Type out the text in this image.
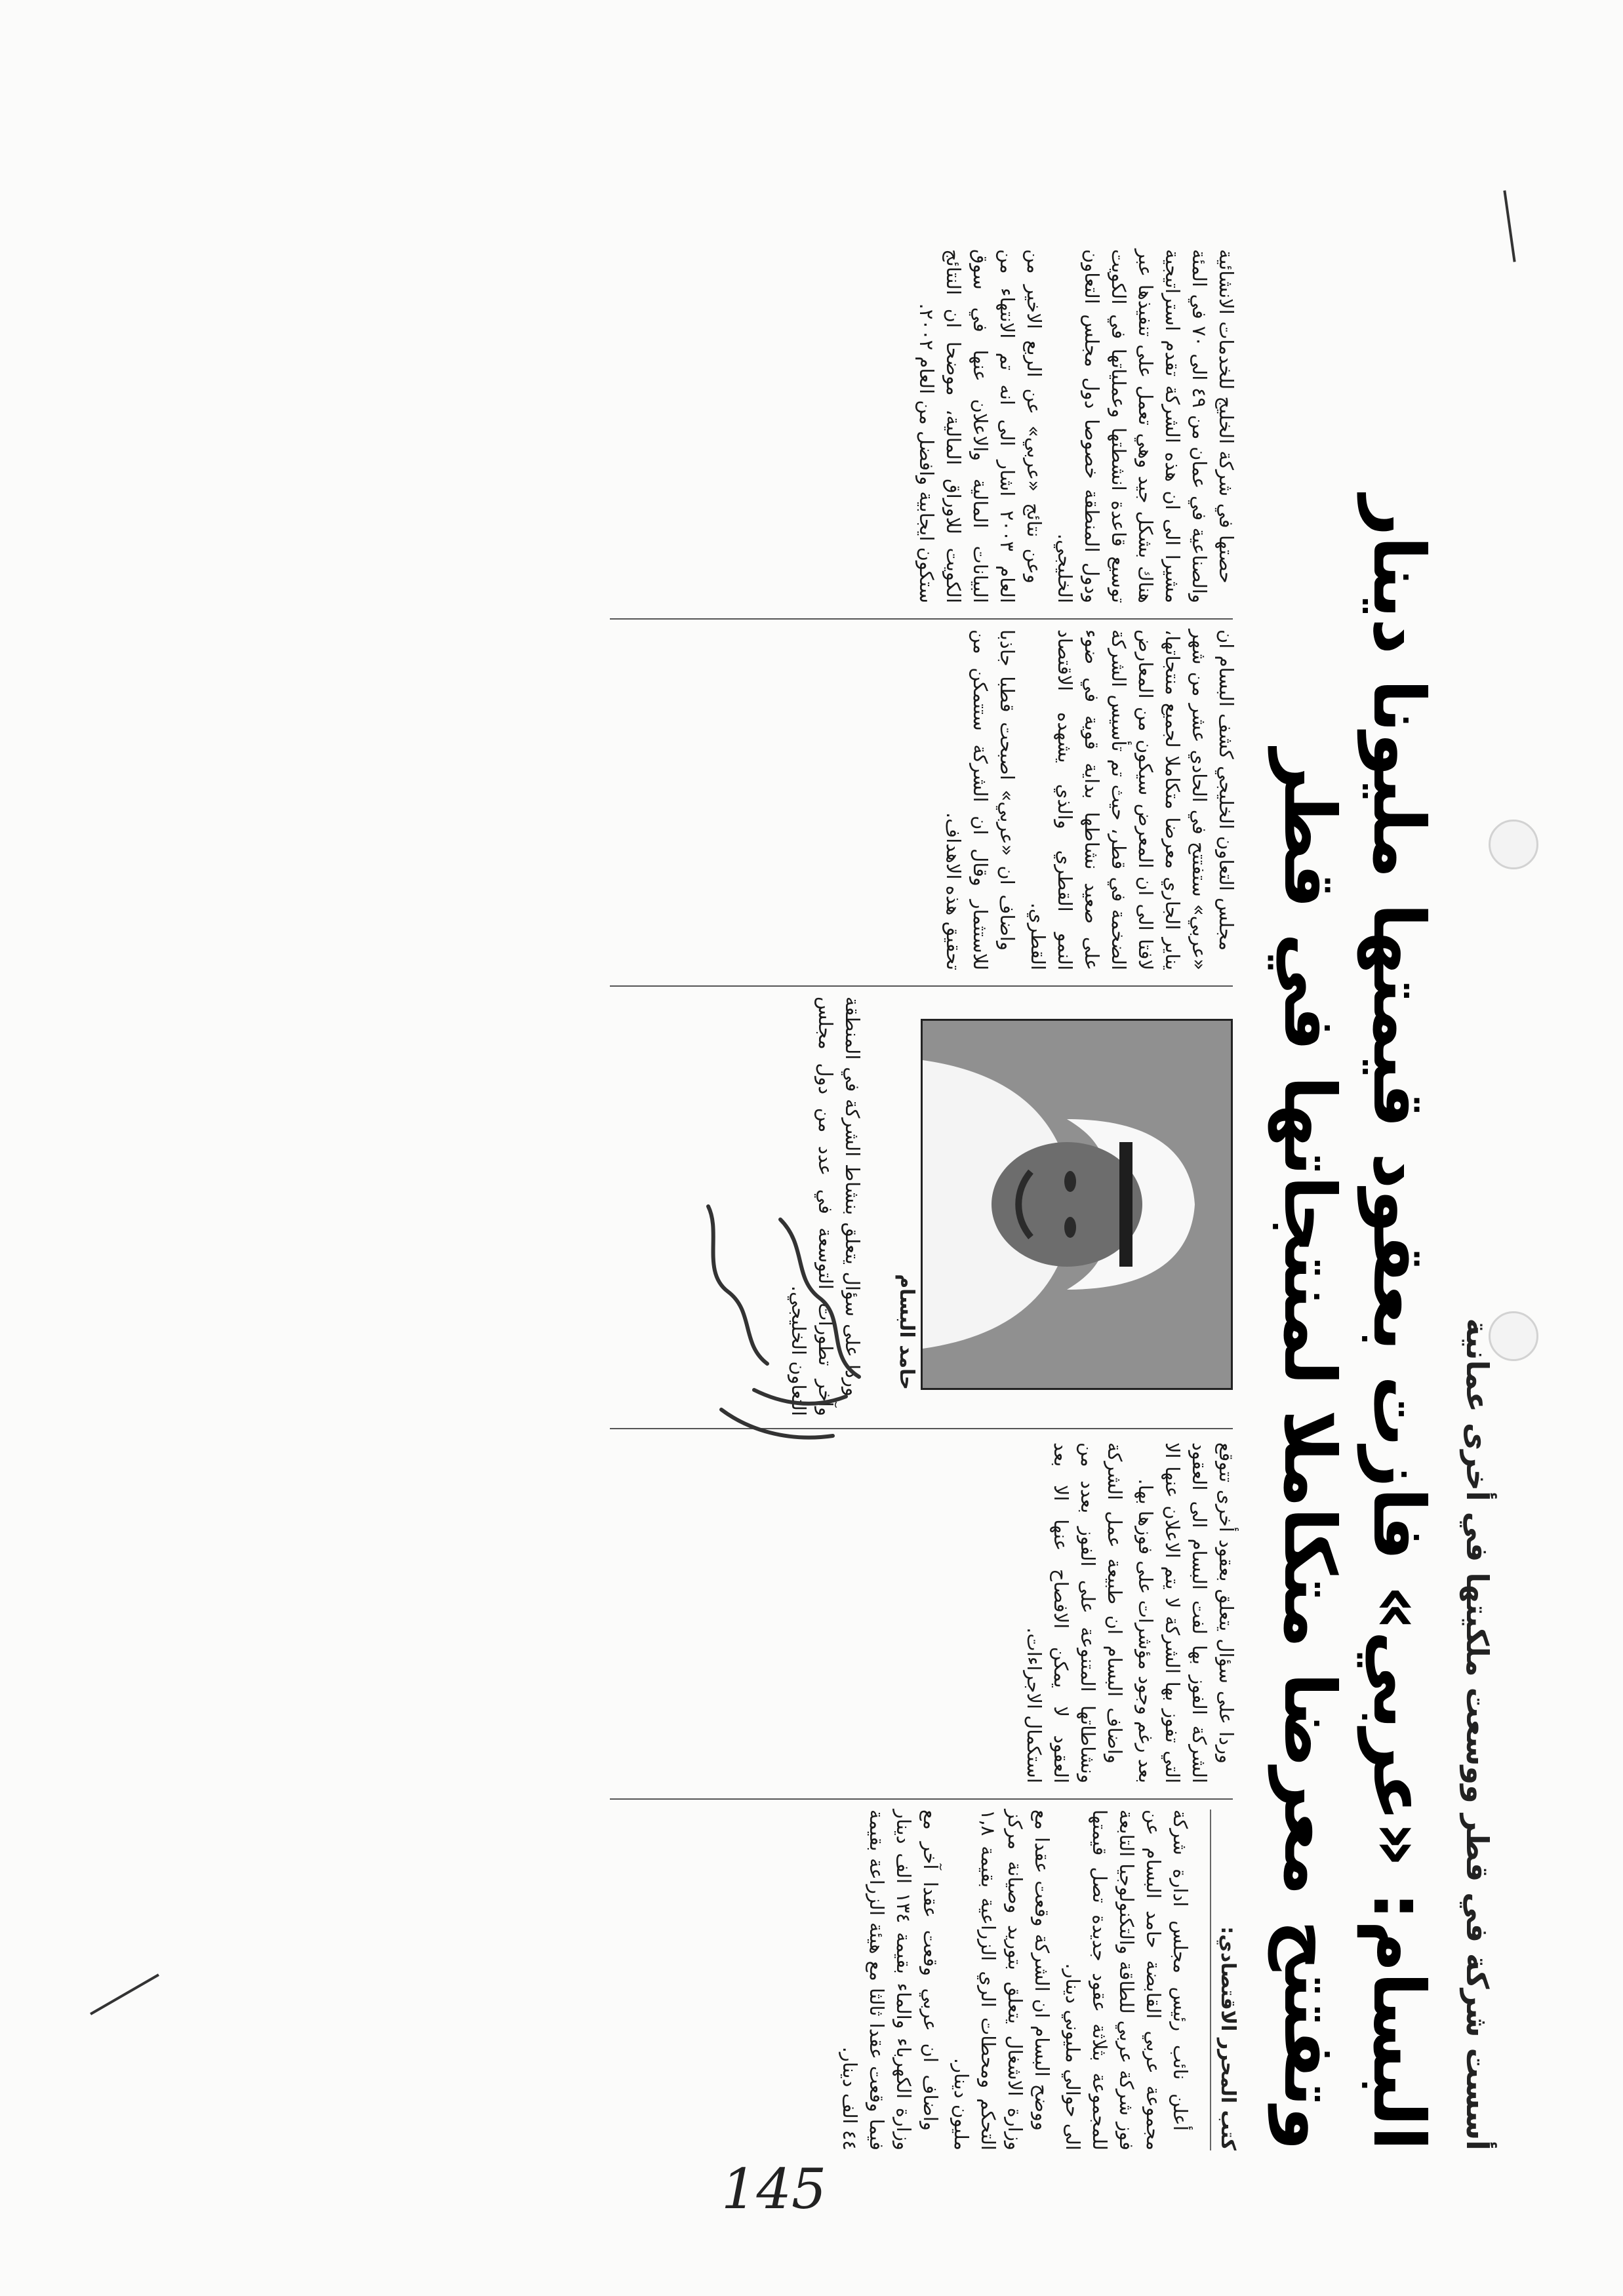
أسست شركة في قطر ووسعت ملكيتها في أخرى عمانية
البسام: «عربي» فازت بعقود قيمتها مليونا دينار
وتفتتح معرضا متكاملا لمنتجاتها في قطر
كتب المحرر الاقتصادي:

أعلن نائب رئيس مجلس ادارة شركة مجموعة عربي القابضة حامد البسام عن فوز شركة عربي للطاقة والتكنولوجيا التابعة للمجموعة بثلاثة عقود جديدة تصل قيمتها الى حوالي مليوني دينار.

ووضح البسام ان الشركة وقعت عقدا مع وزارة الاشغال يتعلق بتوريد وصيانة مركز التحكم ومحطات الري الزراعية بقيمة ١,٨ مليون دينار.

واضاف ان عربي وقعت عقدا آخر مع وزارة الكهرباء والماء بقيمة ١٣٤ الف دينار فيما وقعت عقدا ثالثا مع هيئة الزراعة بقيمة ٤٤ الف دينار.

وردا على سؤال يتعلق بعقود أخرى تتوقع الشركة الفوز بها لفت البسام الى العقود التي تفوز بها الشركة لا يتم الاعلان عنها الا بعد رغم وجود مؤشرات على فوزها بها.

واضاف البسام ان طبيعة عمل الشركة ونشاطاتها المتنوعة على الفوز بعدد من العقود لا يمكن الافصاح عنها الا بعد استكمال الاجراءات.

حامد البسام

وردا على سؤال يتعلق بنشاط الشركة في المنطقة وآخر تطورات التوسعة في عدد من دول مجلس التعاون الخليجي.

مجلس التعاون الخليجي كشف البسام ان «عربي» ستفتتح في الحادي عشر من شهر يناير الجاري معرضا متكاملا لجميع منتجاتها، لافتا الى ان المعرض سيكون من المعارض الضخمة في قطر، حيث تم تأسيس الشركة على صعيد نشاطها بداية قوية في ضوء النمو القطري والذي يشهده الاقتصاد القطري.

واضاف ان «عربي» اصبحت قطبا جاذبا للاستثمار وقال ان الشركة ستتمكن من تحقيق هذه الاهداف.

حصتها في شركة الخليج للخدمات الانشائية والصناعية في عمان من ٤٩ الى ٧٠ في المئة مشيرا الى ان هذه الشركة تقدم استراتيجية هناك بشكل جيد وهي تعمل على تنفيذها عبر توسيع قاعدة انشطتها وعملياتها في الكويت ودول المنطقة خصوصا دول مجلس التعاون الخليجي.

وعن نتائج «عربي» عن الربع الاخير من العام ٢٠٠٣ اشار الى انه تم الانتهاء من البيانات المالية والاعلان عنها في سوق الكويت للاوراق المالية، موضحا ان النتائج ستكون ايجابية وافضل من العام ٢٠٠٢.

145
